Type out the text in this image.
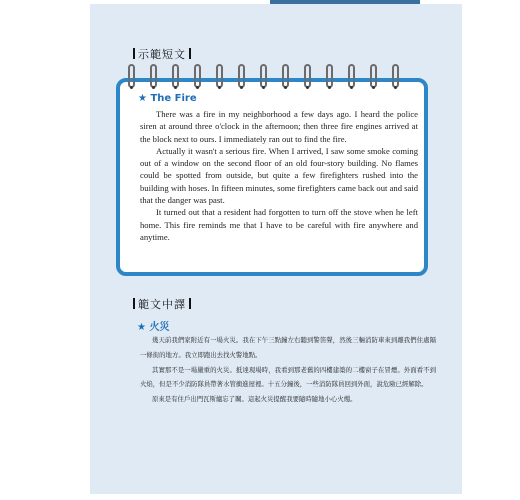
示範短文
★ The Fire

There was a fire in my neighborhood a few days ago. I heard the police siren at around three o'clock in the afternoon; then three fire engines arrived at the block next to ours. I immediately ran out to find the fire.

Actually it wasn't a serious fire. When I arrived, I saw some smoke coming out of a window on the second floor of an old four-story building. No flames could be spotted from outside, but quite a few firefighters rushed into the building with hoses. In fifteen minutes, some firefighters came back out and said that the danger was past.

It turned out that a resident had forgotten to turn off the stove when he left home. This fire reminds me that I have to be careful with fire anywhere and anytime.

範文中譯
★ 火災

幾天前我們家附近有一場火災。我在下午三點鐘左右聽到警笛聲，然後三輛消防車來到離我們住處隔一條街的地方。我立即跑出去找火警地點。

其實那不是一場嚴重的火災。抵達現場時，我看到那老舊的四樓建築的二樓窗子在冒煙。外面看不到火焰，但是不少消防隊員帶著水管衝進屋裡。十五分鐘後，一些消防隊員回到外面，說危險已經解除。

原來是有住戶出門瓦斯爐忘了關。這起火災提醒我要隨時隨地小心火燭。
